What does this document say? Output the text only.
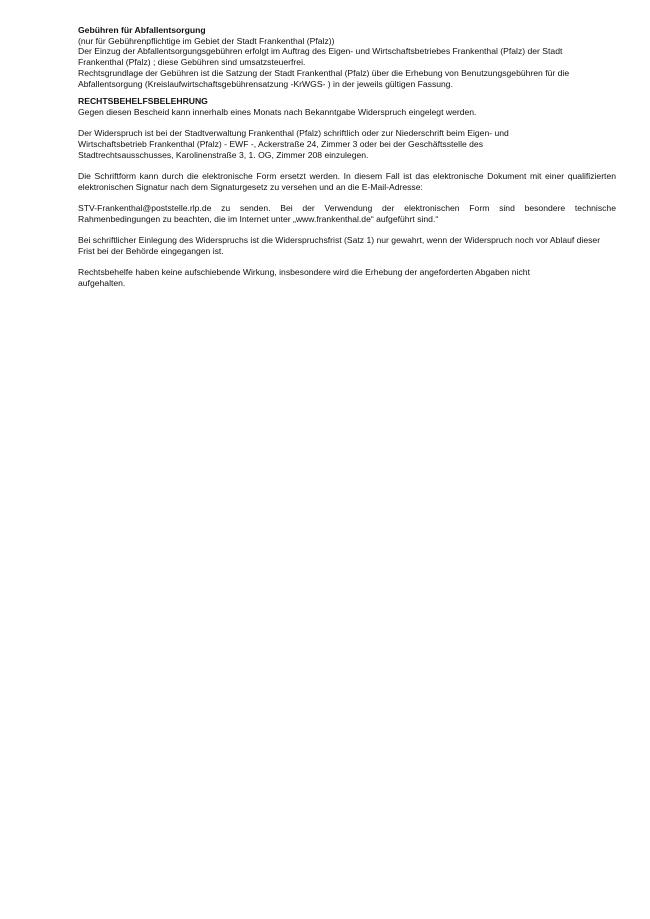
Gebühren für Abfallentsorgung

(nur für Gebührenpflichtige im Gebiet der Stadt Frankenthal (Pfalz))

Der Einzug der Abfallentsorgungsgebühren erfolgt im Auftrag des Eigen- und Wirtschaftsbetriebes Frankenthal (Pfalz) der Stadt

Frankenthal (Pfalz) ; diese Gebühren sind umsatzsteuerfrei.

Rechtsgrundlage der Gebühren ist die Satzung der Stadt Frankenthal (Pfalz) über die Erhebung von Benutzungsgebühren für die

Abfallentsorgung (Kreislaufwirtschaftsgebührensatzung -KrWGS- ) in der jeweils gültigen Fassung.

RECHTSBEHELFSBELEHRUNG

Gegen diesen Bescheid kann innerhalb eines Monats nach Bekanntgabe Widerspruch eingelegt werden.

Der Widerspruch ist bei der Stadtverwaltung Frankenthal (Pfalz) schriftlich oder zur Niederschrift beim Eigen- und

Wirtschaftsbetrieb Frankenthal (Pfalz) - EWF -, Ackerstraße 24, Zimmer 3 oder bei der Geschäftsstelle des

Stadtrechtsausschusses, Karolinenstraße 3, 1. OG, Zimmer 208 einzulegen.

Die Schriftform kann durch die elektronische Form ersetzt werden. In diesem Fall ist das elektronische Dokument mit einer qualifizierten elektronischen Signatur nach dem Signaturgesetz zu versehen und an die E-Mail-Adresse:

STV-Frankenthal@poststelle.rlp.de zu senden. Bei der Verwendung der elektronischen Form sind besondere technische Rahmenbedingungen zu beachten, die im Internet unter „www.frankenthal.de“ aufgeführt sind.“

Bei schriftlicher Einlegung des Widerspruchs ist die Widerspruchsfrist (Satz 1) nur gewahrt, wenn der Widerspruch noch vor Ablauf dieser Frist bei der Behörde eingegangen ist.

Rechtsbehelfe haben keine aufschiebende Wirkung, insbesondere wird die Erhebung der angeforderten Abgaben nicht

aufgehalten.
